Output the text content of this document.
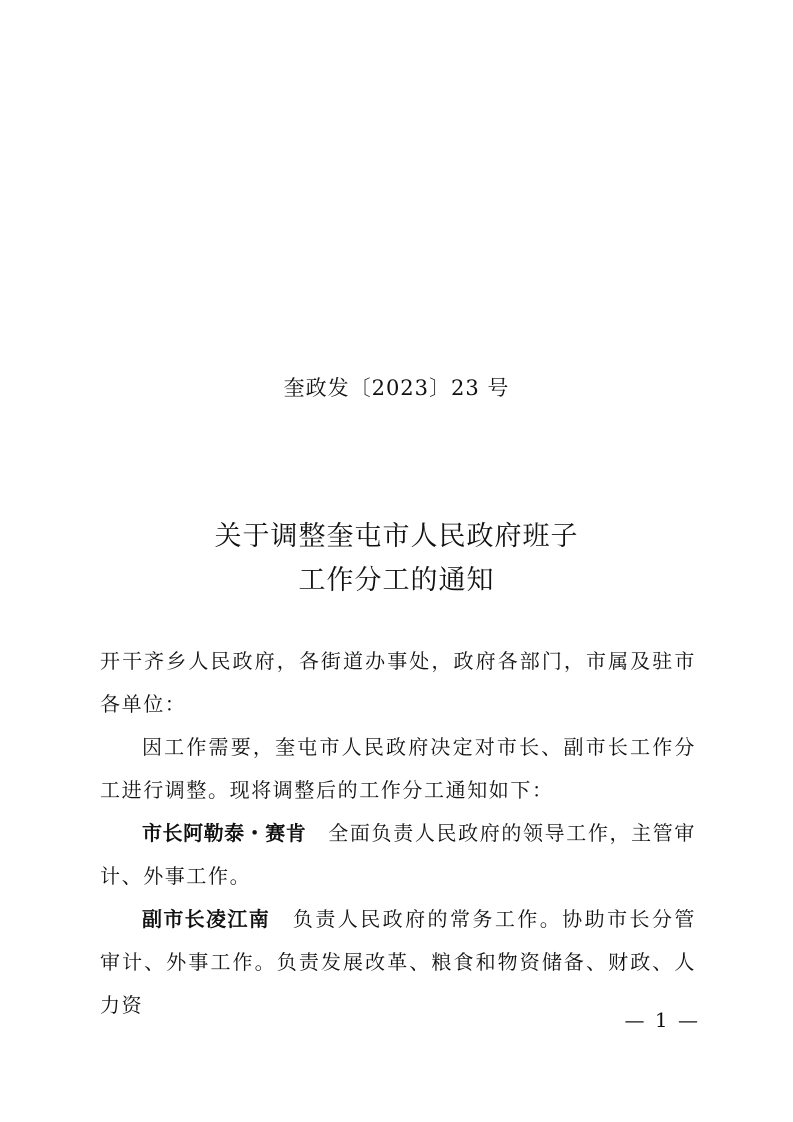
奎政发〔2023〕23 号
关于调整奎屯市人民政府班子
工作分工的通知

开干齐乡人民政府，各街道办事处，政府各部门，市属及驻市各单位：

因工作需要，奎屯市人民政府决定对市长、副市长工作分工进行调整。现将调整后的工作分工通知如下：

市长阿勒泰・赛肯 全面负责人民政府的领导工作，主管审计、外事工作。

副市长凌江南 负责人民政府的常务工作。协助市长分管审计、外事工作。负责发展改革、粮食和物资储备、财政、人力资

— 1 —
